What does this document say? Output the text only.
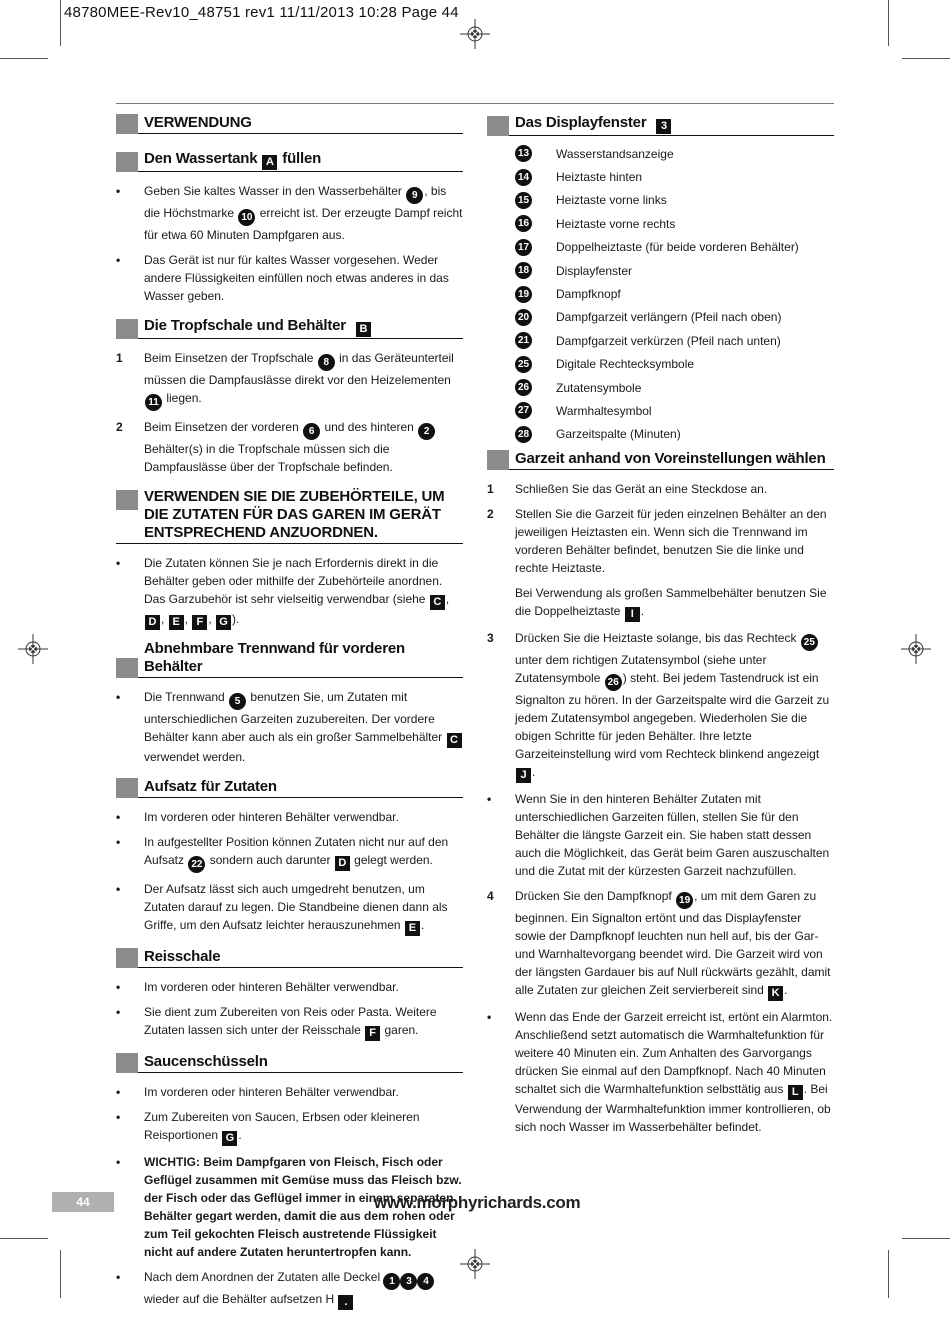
48780MEE-Rev10_48751 rev1 11/11/2013 10:28 Page 44
VERWENDUNG
Den Wassertank A füllen
• Geben Sie kaltes Wasser in den Wasserbehälter 9 , bis die Höchstmarke 10 erreicht ist. Der erzeugte Dampf reicht für etwa 60 Minuten Dampfgaren aus.
• Das Gerät ist nur für kaltes Wasser vorgesehen. Weder andere Flüssigkeiten einfüllen noch etwas anderes in das Wasser geben.
Die Tropfschale und Behälter B
1 Beim Einsetzen der Tropfschale 8 in das Geräteunterteil müssen die Dampfauslässe direkt vor den Heizelementen 11 liegen.
2 Beim Einsetzen der vorderen 6 und des hinteren 2 Behälter(s) in die Tropfschale müssen sich die Dampfauslässe über der Tropfschale befinden.
VERWENDEN SIE DIE ZUBEHÖRTEILE, UM DIE ZUTATEN FÜR DAS GAREN IM GERÄT ENTSPRECHEND ANZUORDNEN.
• Die Zutaten können Sie je nach Erfordernis direkt in die Behälter geben oder mithilfe der Zubehörteile anordnen. Das Garzubehör ist sehr vielseitig verwendbar (siehe C , D , E , F , G ).
Abnehmbare Trennwand für vorderen Behälter
• Die Trennwand 5 benutzen Sie, um Zutaten mit unterschiedlichen Garzeiten zuzubereiten. Der vordere Behälter kann aber auch als ein großer Sammelbehälter C verwendet werden.
Aufsatz für Zutaten
• Im vorderen oder hinteren Behälter verwendbar.
• In aufgestellter Position können Zutaten nicht nur auf den Aufsatz 22 sondern auch darunter D gelegt werden.
• Der Aufsatz lässt sich auch umgedreht benutzen, um Zutaten darauf zu legen. Die Standbeine dienen dann als Griffe, um den Aufsatz leichter herauszunehmen E .
Reisschale
• Im vorderen oder hinteren Behälter verwendbar.
• Sie dient zum Zubereiten von Reis oder Pasta. Weitere Zutaten lassen sich unter der Reisschale F garen.
Saucenschüsseln
• Im vorderen oder hinteren Behälter verwendbar.
• Zum Zubereiten von Saucen, Erbsen oder kleineren Reisportionen G .
• WICHTIG: Beim Dampfgaren von Fleisch, Fisch oder Geflügel zusammen mit Gemüse muss das Fleisch bzw. der Fisch oder das Geflügel immer in einem separaten Behälter gegart werden, damit die aus dem rohen oder zum Teil gekochten Fleisch austretende Flüssigkeit nicht auf andere Zutaten heruntertropfen kann.
• Nach dem Anordnen der Zutaten alle Deckel 1 3 4 wieder auf die Behälter aufsetzen H .
Das Displayfenster 3
13 Wasserstandsanzeige
14 Heiztaste hinten
15 Heiztaste vorne links
16 Heiztaste vorne rechts
17 Doppelheiztaste (für beide vorderen Behälter)
18 Displayfenster
19 Dampfknopf
20 Dampfgarzeit verlängern (Pfeil nach oben)
21 Dampfgarzeit verkürzen (Pfeil nach unten)
25 Digitale Rechtecksymbole
26 Zutatensymbole
27 Warmhaltesymbol
28 Garzeitspalte (Minuten)
Garzeit anhand von Voreinstellungen wählen
1 Schließen Sie das Gerät an eine Steckdose an.
2 Stellen Sie die Garzeit für jeden einzelnen Behälter an den jeweiligen Heiztasten ein. Wenn sich die Trennwand im vorderen Behälter befindet, benutzen Sie die linke und rechte Heiztaste.
Bei Verwendung als großen Sammelbehälter benutzen Sie die Doppelheiztaste I .
3 Drücken Sie die Heiztaste solange, bis das Rechteck 25 unter dem richtigen Zutatensymbol (siehe unter Zutatensymbole 26 ) steht. Bei jedem Tastendruck ist ein Signalton zu hören. In der Garzeitspalte wird die Garzeit zu jedem Zutatensymbol angegeben. Wiederholen Sie die obigen Schritte für jeden Behälter. Ihre letzte Garzeiteinstellung wird vom Rechteck blinkend angezeigt J .
• Wenn Sie in den hinteren Behälter Zutaten mit unterschiedlichen Garzeiten füllen, stellen Sie für den Behälter die längste Garzeit ein. Sie haben statt dessen auch die Möglichkeit, das Gerät beim Garen auszuschalten und die Zutat mit der kürzesten Garzeit nachzufüllen.
4 Drücken Sie den Dampfknopf 19 , um mit dem Garen zu beginnen. Ein Signalton ertönt und das Displayfenster sowie der Dampfknopf leuchten nun hell auf, bis der Gar- und Warnhaltevorgang beendet wird. Die Garzeit wird von der längsten Gardauer bis auf Null rückwärts gezählt, damit alle Zutaten zur gleichen Zeit servierbereit sind K .
• Wenn das Ende der Garzeit erreicht ist, ertönt ein Alarmton. Anschließend setzt automatisch die Warmhaltefunktion für weitere 40 Minuten ein. Zum Anhalten des Garvorgangs drücken Sie einmal auf den Dampfknopf. Nach 40 Minuten schaltet sich die Warmhaltefunktion selbsttätig aus L . Bei Verwendung der Warmhaltefunktion immer kontrollieren, ob sich noch Wasser im Wasserbehälter befindet.
44	www.morphyrichards.com
